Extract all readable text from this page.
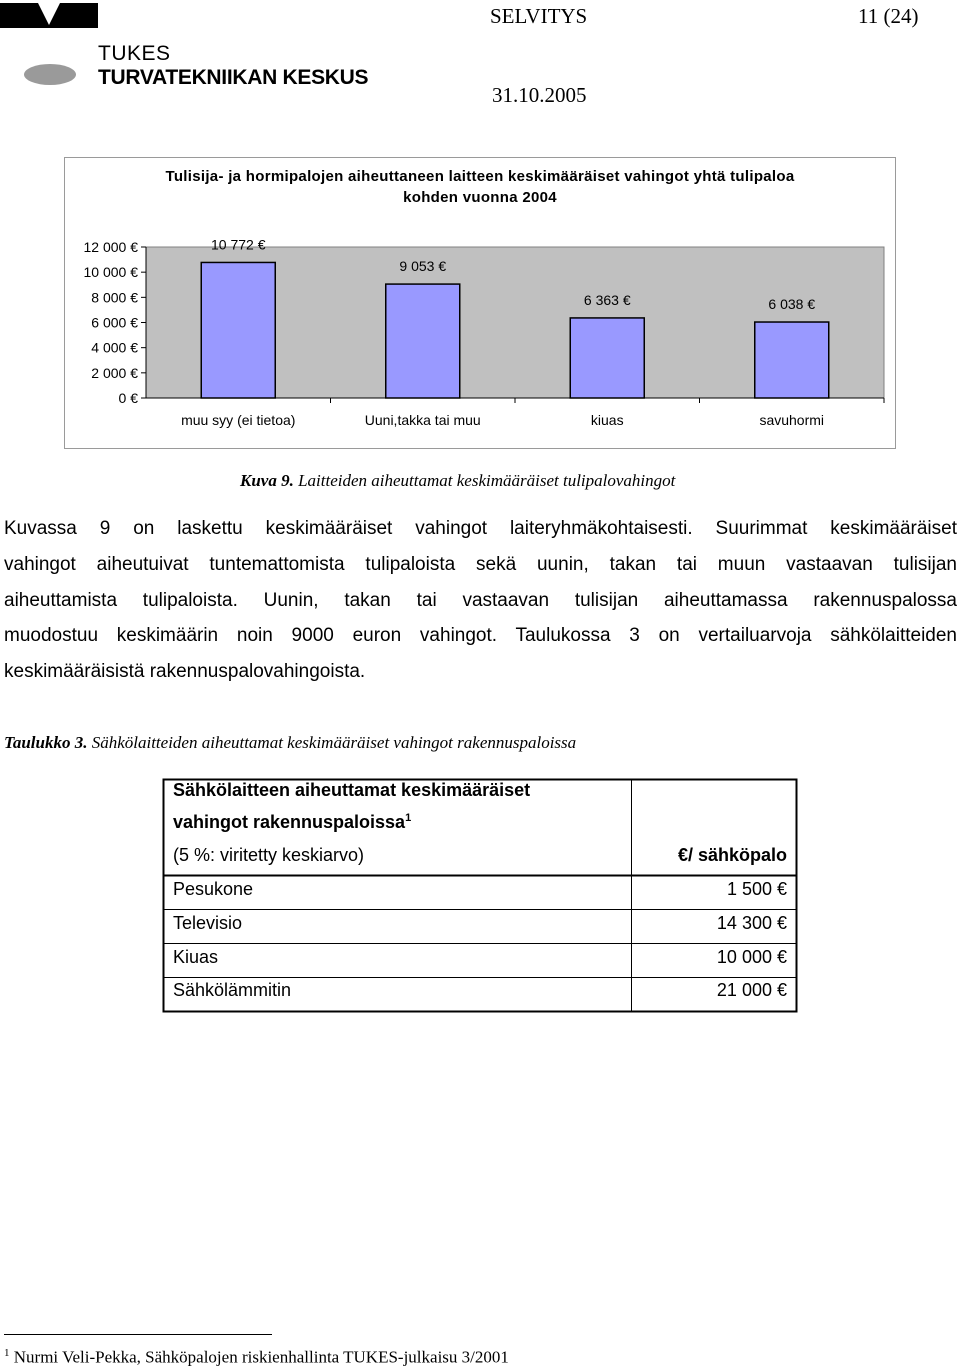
TUKES
TURVATEKNIIKAN KESKUS
SELVITYS	11 (24)
31.10.2005
Tulisija- ja hormipalojen aiheuttaneen laitteen keskimääräiset vahingot yhtä tulipaloa
kohden vuonna 2004
12 000 €
10 000 €
8 000 €
6 000 €
4 000 €
2 000 €
0 €
10 772 €
muu syy (ei tietoa)
9 053 €
Uuni,takka tai muu
6 363 €
kiuas
6 038 €
savuhormi
Kuva 9. Laitteiden aiheuttamat keskimääräiset tulipalovahingot
Kuvassa 9 on laskettu keskimääräiset vahingot laiteryhmäkohtaisesti. Suurimmat keskimääräiset
vahingot aiheutuivat tuntemattomista tulipaloista sekä uunin, takan tai muun vastaavan tulisijan
aiheuttamista tulipaloista. Uunin, takan tai vastaavan tulisijan aiheuttamassa rakennuspalossa
muodostuu keskimäärin noin 9000 euron vahingot. Taulukossa 3 on vertailuarvoja sähkölaitteiden
keskimääräisistä rakennuspalovahingoista.
Taulukko 3. Sähkölaitteiden aiheuttamat keskimääräiset vahingot rakennuspaloissa
Sähkölaitteen aiheuttamat keskimääräiset
vahingot rakennuspaloissa$^1$
(5 %: viritetty keskiarvo)	€/ sähköpalo
Pesukone	1 500 €
Televisio	14 300 €
Kiuas	10 000 €
Sähkölämmitin	21 000 €
$^1$ Nurmi Veli-Pekka, Sähköpalojen riskienhallinta TUKES-julkaisu 3/2001
